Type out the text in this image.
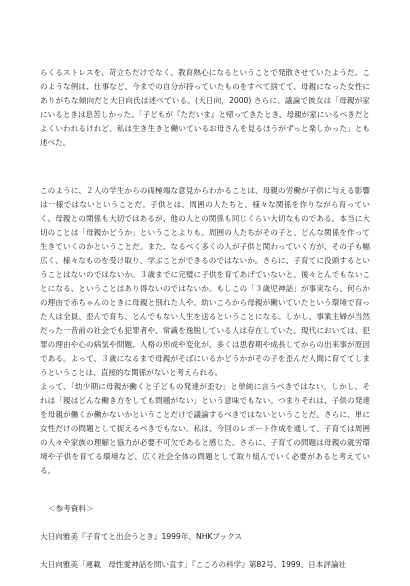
らくるストレスを、苛立ちだけでなく、教育熱心になるということで発散させていたようだ。このような例は、仕事など、今までの自分が持っていたものをすべて捨てて、母親になった女性にありがちな傾向だと大日向氏は述べている。(大日向，2000) さらに、議論で彼女は「母親が家にいるときは息苦しかった。「子どもが『ただいま』と帰ってきたとき、母親が家にいるべきだとよくいわれるけれど、私は生き生きと働いているお母さんを見るほうがずっと楽しかった」とも述べた。
このように、２人の学生からの両極端な意見からわかることは、母親の労働が子供に与える影響は一様ではないということだ。子供とは、周囲の人たちと、様々な関係を作りながら育っていく。母親との関係も大切ではあるが、他の人との関係も同じくらい大切なものである。本当に大切のことは「母親かどうか」ということよりも、周囲の人たちがその子と、どんな関係を作って生きていくのかということだ。また、なるべく多くの人が子供と関わっていく方が、その子も幅広く、様々なものを受け取り、学ぶことができるのではないか。さらに、子育てに没頭するということはないのではないか。３歳までに完璧に子供を育てあげていないと、後々とんでもないことになる、ということはあり得ないのではないか。もしこの「３歳児神話」が事実なら、何らかの理由で赤ちゃんのときに母親と別れた人や、幼いころから母親が働いていたという環境で育った人は全員、歪んで育ち、とんでもない人生を送るということになる。しかし、事業主婦が当然だった一昔前の社会でも犯罪者や、常識を逸脱している人は存在していた。現代においては、犯罪の理由や心の病気や問題、人格の形成や変化が、多くは思春期や成長してからの出来事が原因である。よって、３歳になるまで母親がそばにいるかどうかがその子を歪んだ人間に育ててしまうということは、直接的な関係がないと考えられる。
よって、「幼少期に母親が働くと子どもの発達が歪む」と単純に言うべきではない。しかし、それは「親はどんな働き方をしても問題がない」という意味でもない。つまりそれは、子供の発達を母親が働くか働かないかということだけで議論するべきではないということだ。さらに、単に女性だけの問題として捉えるべきでもない。私は、今回のレポート作成を通して、子育ては周囲の人々や家族の理解と協力が必要不可欠であると感じた。さらに、子育ての問題は母親の就労環境や子供を育てる環境など、広く社会全体の問題として取り組んでいく必要があると考えている。

＜参考資料＞

大日向雅美『子育てと出会うとき』1999年、NHKブックス

大日向雅美「連載　母性愛神話を問い直す」『こころの科学』第82号、1999、日本評論社
